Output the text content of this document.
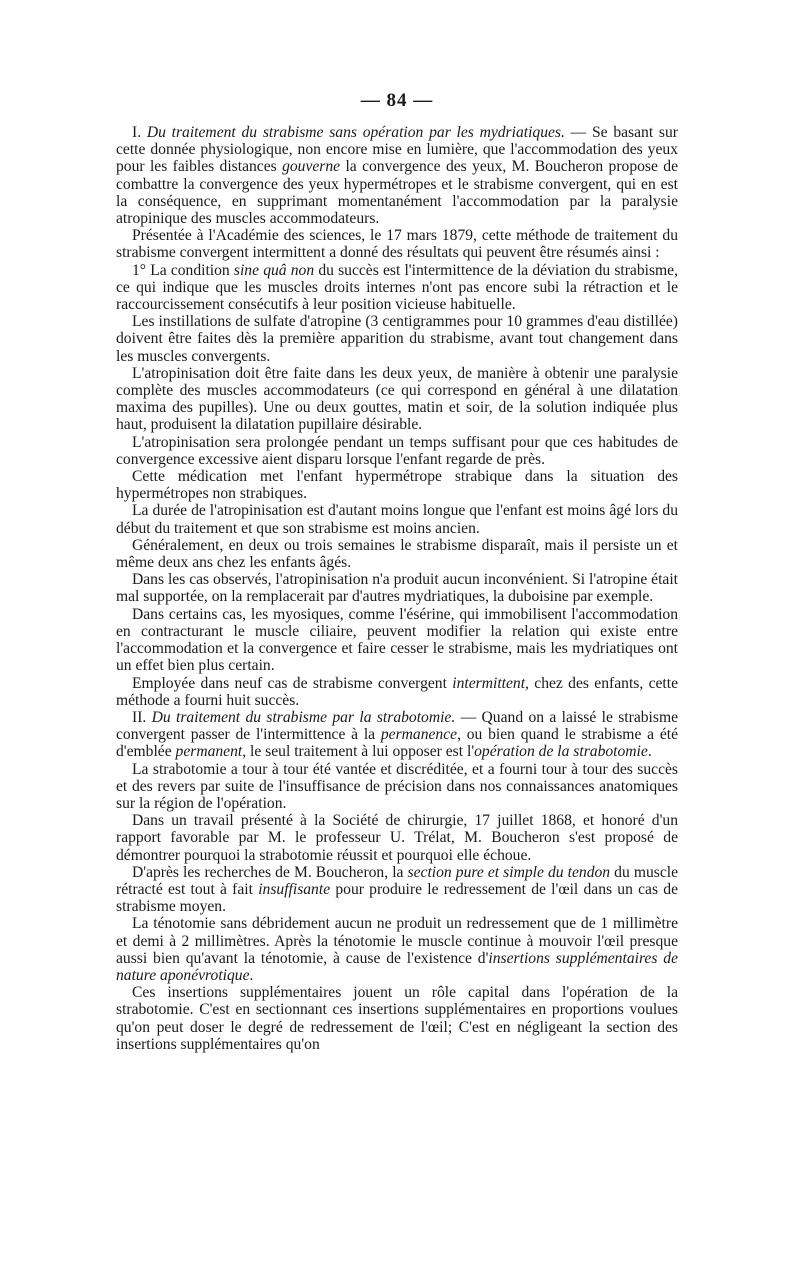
— 84 —

I. Du traitement du strabisme sans opération par les mydriatiques. — Se basant sur cette donnée physiologique, non encore mise en lumière, que l'accommodation des yeux pour les faibles distances gouverne la convergence des yeux, M. Boucheron propose de combattre la convergence des yeux hypermétropes et le strabisme convergent, qui en est la conséquence, en supprimant momentanément l'accommodation par la paralysie atropinique des muscles accommodateurs.

Présentée à l'Académie des sciences, le 17 mars 1879, cette méthode de traitement du strabisme convergent intermittent a donné des résultats qui peuvent être résumés ainsi :

1° La condition sine quâ non du succès est l'intermittence de la déviation du strabisme, ce qui indique que les muscles droits internes n'ont pas encore subi la rétraction et le raccourcissement consécutifs à leur position vicieuse habituelle.

Les instillations de sulfate d'atropine (3 centigrammes pour 10 grammes d'eau distillée) doivent être faites dès la première apparition du strabisme, avant tout changement dans les muscles convergents.

L'atropinisation doit être faite dans les deux yeux, de manière à obtenir une paralysie complète des muscles accommodateurs (ce qui correspond en général à une dilatation maxima des pupilles). Une ou deux gouttes, matin et soir, de la solution indiquée plus haut, produisent la dilatation pupillaire désirable.

L'atropinisation sera prolongée pendant un temps suffisant pour que ces habitudes de convergence excessive aient disparu lorsque l'enfant regarde de près.

Cette médication met l'enfant hypermétrope strabique dans la situation des hypermétropes non strabiques.

La durée de l'atropinisation est d'autant moins longue que l'enfant est moins âgé lors du début du traitement et que son strabisme est moins ancien.

Généralement, en deux ou trois semaines le strabisme disparaît, mais il persiste un et même deux ans chez les enfants âgés.

Dans les cas observés, l'atropinisation n'a produit aucun inconvénient. Si l'atropine était mal supportée, on la remplacerait par d'autres mydriatiques, la duboisine par exemple.

Dans certains cas, les myosiques, comme l'ésérine, qui immobilisent l'accommodation en contracturant le muscle ciliaire, peuvent modifier la relation qui existe entre l'accommodation et la convergence et faire cesser le strabisme, mais les mydriatiques ont un effet bien plus certain.

Employée dans neuf cas de strabisme convergent intermittent, chez des enfants, cette méthode a fourni huit succès.

II. Du traitement du strabisme par la strabotomie. — Quand on a laissé le strabisme convergent passer de l'intermittence à la permanence, ou bien quand le strabisme a été d'emblée permanent, le seul traitement à lui opposer est l'opération de la strabotomie.

La strabotomie a tour à tour été vantée et discréditée, et a fourni tour à tour des succès et des revers par suite de l'insuffisance de précision dans nos connaissances anatomiques sur la région de l'opération.

Dans un travail présenté à la Société de chirurgie, 17 juillet 1868, et honoré d'un rapport favorable par M. le professeur U. Trélat, M. Boucheron s'est proposé de démontrer pourquoi la strabotomie réussit et pourquoi elle échoue.

D'après les recherches de M. Boucheron, la section pure et simple du tendon du muscle rétracté est tout à fait insuffisante pour produire le redressement de l'œil dans un cas de strabisme moyen.

La ténotomie sans débridement aucun ne produit un redressement que de 1 millimètre et demi à 2 millimètres. Après la ténotomie le muscle continue à mouvoir l'œil presque aussi bien qu'avant la ténotomie, à cause de l'existence d'insertions supplémentaires de nature aponévrotique.

Ces insertions supplémentaires jouent un rôle capital dans l'opération de la strabotomie. C'est en sectionnant ces insertions supplémentaires en proportions voulues qu'on peut doser le degré de redressement de l'œil; C'est en négligeant la section des insertions supplémentaires qu'on
